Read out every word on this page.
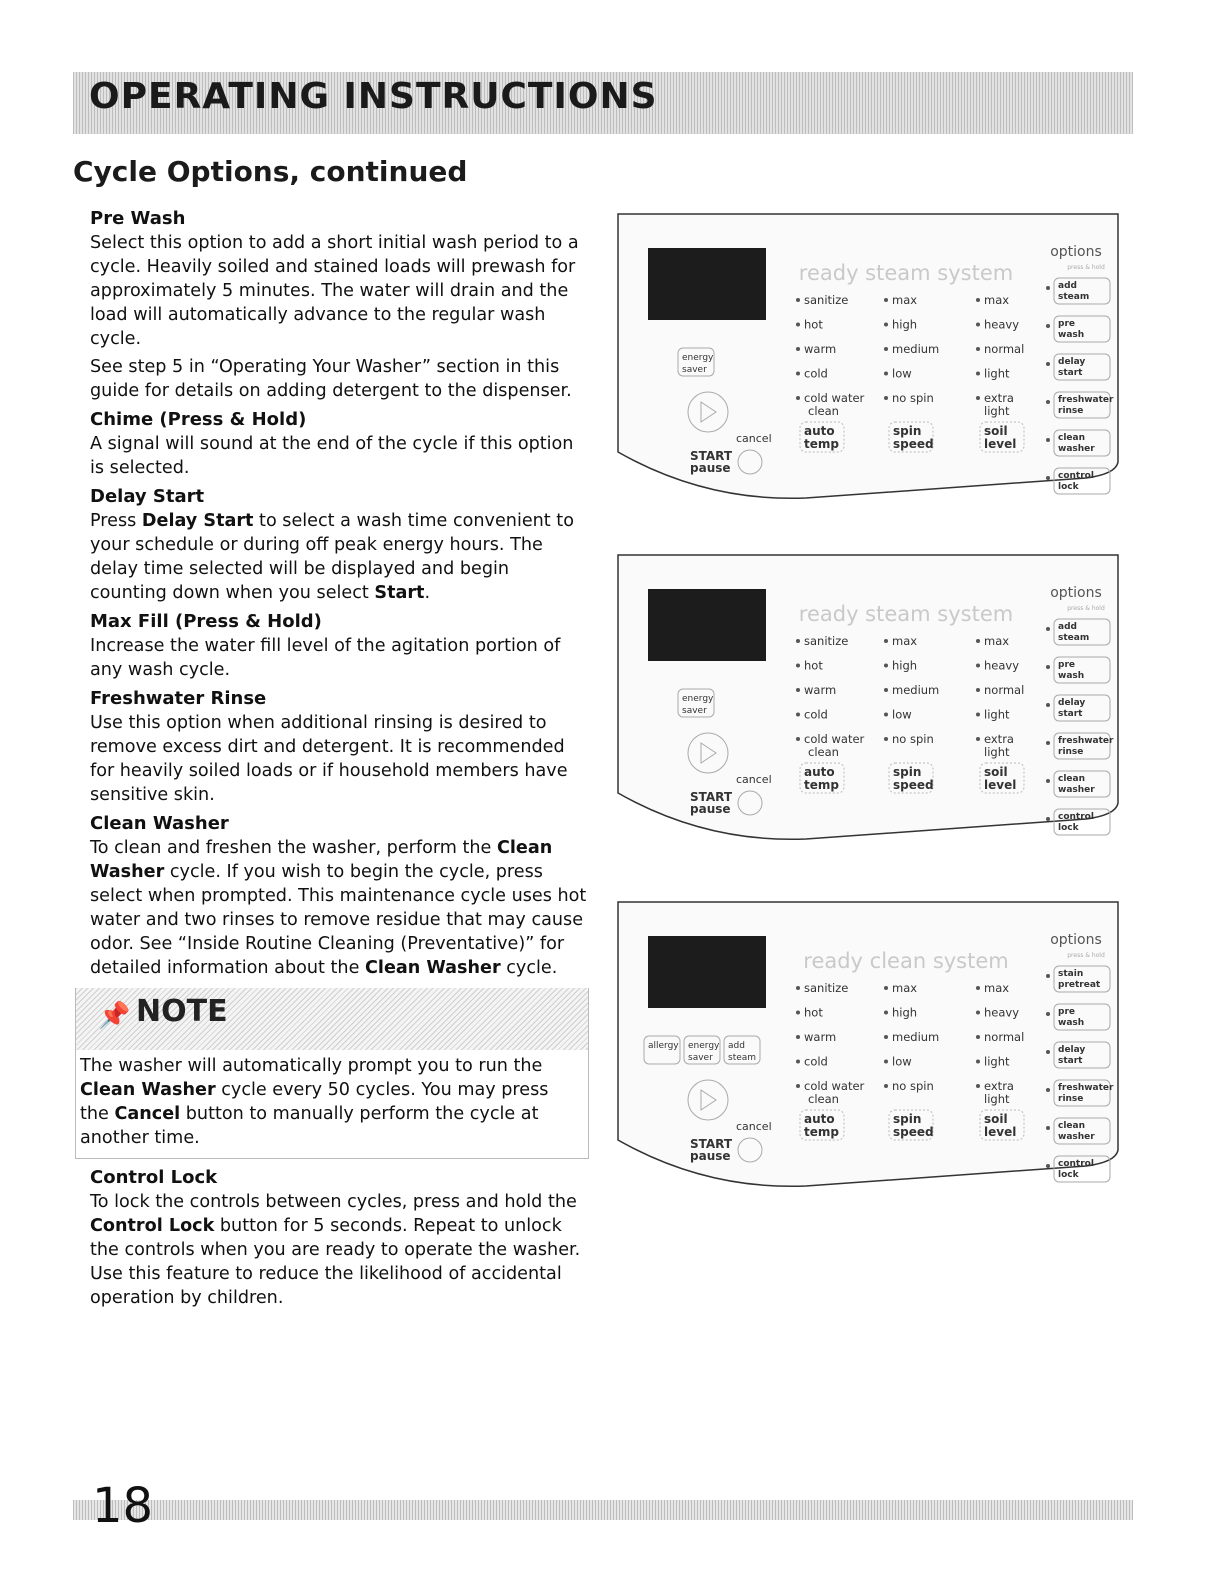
OPERATING INSTRUCTIONS
Cycle Options, continued
Pre Wash

Select this option to add a short initial wash period to a cycle. Heavily soiled and stained loads will prewash for approximately 5 minutes. The water will drain and the load will automatically advance to the regular wash cycle.

See step 5 in “Operating Your Washer” section in this guide for details on adding detergent to the dispenser.

Chime (Press & Hold)

A signal will sound at the end of the cycle if this option is selected.

Delay Start

Press Delay Start to select a wash time convenient to your schedule or during off peak energy hours. The delay time selected will be displayed and begin counting down when you select Start.

Max Fill (Press & Hold)

Increase the water fill level of the agitation portion of any wash cycle.

Freshwater Rinse

Use this option when additional rinsing is desired to remove excess dirt and detergent. It is recommended for heavily soiled loads or if household members have sensitive skin.

Clean Washer

To clean and freshen the washer, perform the Clean Washer cycle. If you wish to begin the cycle, press select when prompted. This maintenance cycle uses hot water and two rinses to remove residue that may cause odor. See “Inside Routine Cleaning (Preventative)” for detailed information about the Clean Washer cycle.

📌 NOTE
The washer will automatically prompt you to run the Clean Washer cycle every 50 cycles. You may press the Cancel button to manually perform the cycle at another time.
Control Lock

To lock the controls between cycles, press and hold the Control Lock button for 5 seconds. Repeat to unlock the controls when you are ready to operate the washer. Use this feature to reduce the likelihood of accidental operation by children.

ready steam system
options
press & hold
sanitize
hot
warm
cold
cold water
clean
max
high
medium
low
no spin
max
heavy
normal
light
extra
light
auto
temp
spin
speed
soil
level
energy
saver
START
pause
cancel
add
steam
pre
wash
delay
start
freshwater
rinse
clean
washer
control
lock
ready steam system
options
press & hold
sanitize
hot
warm
cold
cold water
clean
max
high
medium
low
no spin
max
heavy
normal
light
extra
light
auto
temp
spin
speed
soil
level
energy
saver
START
pause
cancel
add
steam
pre
wash
delay
start
freshwater
rinse
clean
washer
control
lock
ready clean system
options
press & hold
sanitize
hot
warm
cold
cold water
clean
max
high
medium
low
no spin
max
heavy
normal
light
extra
light
auto
temp
spin
speed
soil
level
allergy energy
saver
add
steam
START
pause
cancel
stain
pretreat
pre
wash
delay
start
freshwater
rinse
clean
washer
control
lock
18
